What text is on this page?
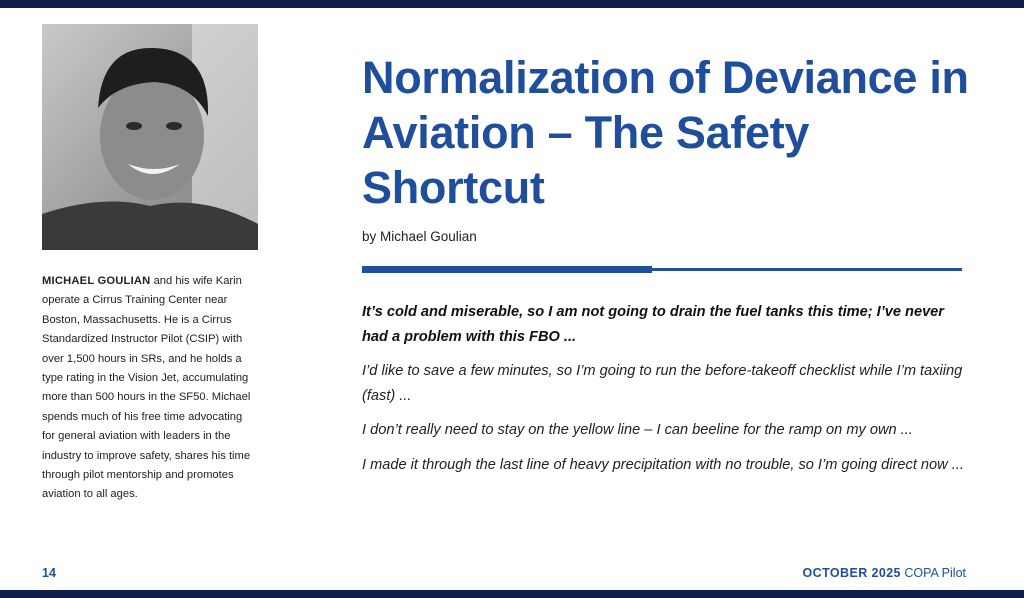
MICHAEL GOULIAN and his wife Karin operate a Cirrus Training Center near Boston, Massachusetts. He is a Cirrus Standardized Instructor Pilot (CSIP) with over 1,500 hours in SRs, and he holds a type rating in the Vision Jet, accumulating more than 500 hours in the SF50. Michael spends much of his free time advocating for general aviation with leaders in the industry to improve safety, shares his time through pilot mentorship and promotes aviation to all ages.
Normalization of Deviance in Aviation – The Safety Shortcut
by Michael Goulian

It’s cold and miserable, so I am not going to drain the fuel tanks this time; I’ve never had a problem with this FBO ...

I’d like to save a few minutes, so I’m going to run the before-takeoff checklist while I’m taxiing (fast) ...

I don’t really need to stay on the yellow line – I can beeline for the ramp on my own ...

I made it through the last line of heavy precipitation with no trouble, so I’m going direct now ...

14	OCTOBER 2025 COPA Pilot
